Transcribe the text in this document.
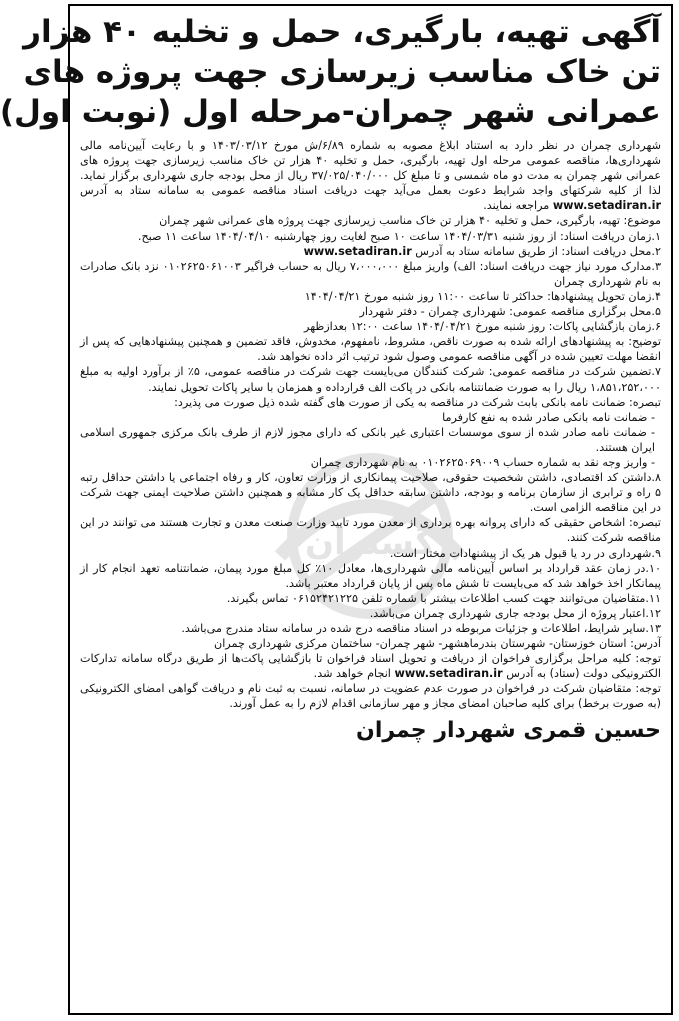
گستران
آگهی تهیه، بارگیری، حمل و تخلیه ۴۰ هزار
تن خاک مناسب زیرسازی جهت پروژه های
عمرانی شهر چمران-مرحله اول (نوبت اول)

شهرداری چمران در نظر دارد به استناد ابلاغ مصوبه به شماره ۶/۸۹/ش مورخ ۱۴۰۳/۰۳/۱۲ و با رعایت آیین‌نامه مالی شهرداری‌ها، مناقصه عمومی مرحله اول تهیه، بارگیری، حمل و تخلیه ۴۰ هزار تن خاک مناسب زیرسازی جهت پروژه های عمرانی شهر چمران به مدت دو ماه شمسی و تا مبلغ کل ۳۷/۰۲۵/۰۴۰/۰۰۰ ریال از محل بودجه جاری شهرداری برگزار نماید. لذا از کلیه شرکتهای واجد شرایط دعوت بعمل می‌آید جهت دریافت اسناد مناقصه عمومی به سامانه ستاد به آدرس www.setadiran.ir مراجعه نمایند.

موضوع: تهیه، بارگیری، حمل و تخلیه ۴۰ هزار تن خاک مناسب زیرسازی جهت پروژه های عمرانی شهر چمران

۱.زمان دریافت اسناد: از روز شنبه ۱۴۰۴/۰۳/۳۱ ساعت ۱۰ صبح لغایت روز چهارشنبه ۱۴۰۴/۰۴/۱۰ ساعت ۱۱ صبح.

۲.محل دریافت اسناد: از طریق سامانه ستاد به آدرس www.setadiran.ir

۳.مدارک مورد نیاز جهت دریافت اسناد: الف) واریز مبلغ ۷،۰۰۰،۰۰۰ ریال به حساب فراگیر ۰۱۰۲۶۲۵۰۶۱۰۰۳ نزد بانک صادرات به نام شهرداری چمران

۴.زمان تحویل پیشنهادها: حداکثر تا ساعت ۱۱:۰۰ روز شنبه مورخ ۱۴۰۴/۰۴/۲۱

۵.محل برگزاری مناقصه عمومی: شهرداری چمران - دفتر شهردار

۶.زمان بازگشایی پاکات: روز شنبه مورخ ۱۴۰۴/۰۴/۲۱ ساعت ۱۲:۰۰ بعدازظهر

توضیح: به پیشنهادهای ارائه شده به صورت ناقص، مشروط، نامفهوم، مخدوش، فاقد تضمین و همچنین پیشنهادهایی که پس از انقضا مهلت تعیین شده در آگهی مناقصه عمومی وصول شود ترتیب اثر داده نخواهد شد.

۷.تضمین شرکت در مناقصه عمومی: شرکت کنندگان می‌بایست جهت شرکت در مناقصه عمومی، ۵٪ از برآورد اولیه به مبلغ ۱،۸۵۱،۲۵۲،۰۰۰ ریال را به صورت ضمانتنامه بانکی در پاکت الف قرارداده و همزمان با سایر پاکات تحویل نمایند.

تبصره: ضمانت نامه بانکی بابت شرکت در مناقصه به یکی از صورت های گفته شده ذیل صورت می پذیرد:

- ضمانت نامه بانکی صادر شده به نفع کارفرما

- ضمانت نامه صادر شده از سوی موسسات اعتباری غیر بانکی که دارای مجوز لازم از طرف بانک مرکزی جمهوری اسلامی ایران هستند.

- واریز وجه نقد به شماره حساب ۰۱۰۲۶۲۵۰۶۹۰۰۹ به نام شهرداری چمران

۸.داشتن کد اقتصادی، داشتن شخصیت حقوقی، صلاحیت پیمانکاری از وزارت تعاون، کار و رفاه اجتماعی یا داشتن حداقل رتبه ۵ راه و ترابری از سازمان برنامه و بودجه، داشتن سابقه حداقل یک کار مشابه و همچنین داشتن صلاحیت ایمنی جهت شرکت در این مناقصه الزامی است.

تبصره: اشخاص حقیقی که دارای پروانه بهره برداری از معدن مورد تایید وزارت صنعت معدن و تجارت هستند می توانند در این مناقصه شرکت کنند.

۹.شهرداری در رد یا قبول هر یک از پیشنهادات مختار است.

۱۰.در زمان عقد قرارداد بر اساس آیین‌نامه مالی شهرداری‌ها، معادل ۱۰٪ کل مبلغ مورد پیمان، ضمانتنامه تعهد انجام کار از پیمانکار اخذ خواهد شد که می‌بایست تا شش ماه پس از پایان قرارداد معتبر باشد.

۱۱.متقاضیان می‌توانند جهت کسب اطلاعات بیشتر با شماره تلفن ۰۶۱۵۲۴۲۱۲۲۵ تماس بگیرند.

۱۲.اعتبار پروژه از محل بودجه جاری شهرداری چمران می‌باشد.

۱۳.سایر شرایط، اطلاعات و جزئیات مربوطه در اسناد مناقصه درج شده در سامانه ستاد مندرج می‌باشد.

آدرس: استان خوزستان- شهرستان بندرماهشهر- شهر چمران- ساختمان مرکزی شهرداری چمران

توجه: کلیه مراحل برگزاری فراخوان از دریافت و تحویل اسناد فراخوان تا بازگشایی پاکت‌ها از طریق درگاه سامانه تدارکات الکترونیکی دولت (ستاد) به آدرس www.setadiran.ir انجام خواهد شد.

توجه: متقاضیان شرکت در فراخوان در صورت عدم عضویت در سامانه، نسبت به ثبت نام و دریافت گواهی امضای الکترونیکی (به صورت برخط) برای کلیه صاحبان امضای مجاز و مهر سازمانی اقدام لازم را به عمل آورند.

حسین قمری شهردار چمران
